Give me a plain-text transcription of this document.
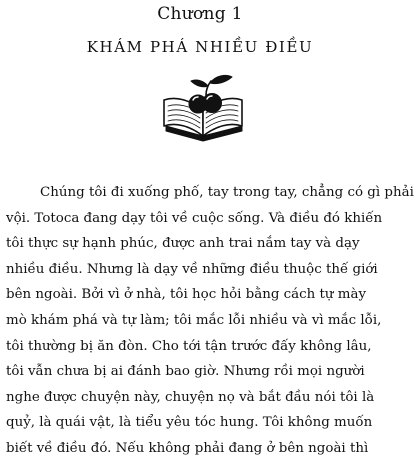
Chương 1
KHÁM PHÁ NHIỀU ĐIỀU
Chúng tôi đi xuống phố, tay trong tay, chẳng có gì phải
vội. Totoca đang dạy tôi về cuộc sống. Và điều đó khiến
tôi thực sự hạnh phúc, được anh trai nắm tay và dạy
nhiều điều. Nhưng là dạy về những điều thuộc thế giới
bên ngoài. Bởi vì ở nhà, tôi học hỏi bằng cách tự mày
mò khám phá và tự làm; tôi mắc lỗi nhiều và vì mắc lỗi,
tôi thường bị ăn đòn. Cho tới tận trước đấy không lâu,
tôi vẫn chưa bị ai đánh bao giờ. Nhưng rồi mọi người
nghe được chuyện này, chuyện nọ và bắt đầu nói tôi là
quỷ, là quái vật, là tiểu yêu tóc hung. Tôi không muốn
biết về điều đó. Nếu không phải đang ở bên ngoài thì
